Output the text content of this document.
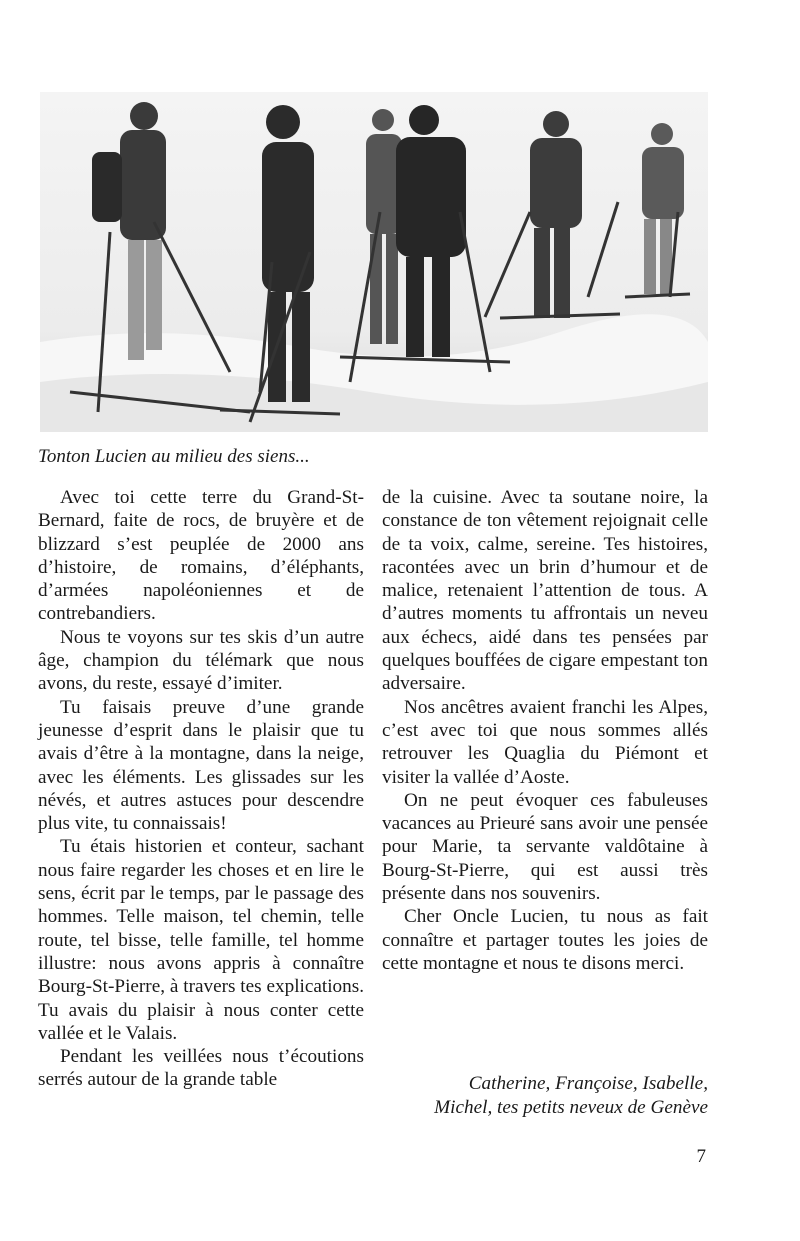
Tonton Lucien au milieu des siens...

Avec toi cette terre du Grand-St-Bernard, faite de rocs, de bruyère et de blizzard s’est peuplée de 2000 ans d’histoire, de romains, d’éléphants, d’armées napoléoniennes et de contrebandiers.

Nous te voyons sur tes skis d’un autre âge, champion du télémark que nous avons, du reste, essayé d’imiter.

Tu faisais preuve d’une grande jeunesse d’esprit dans le plaisir que tu avais d’être à la montagne, dans la neige, avec les éléments. Les glissades sur les névés, et autres astuces pour descendre plus vite, tu connaissais!

Tu étais historien et conteur, sachant nous faire regarder les choses et en lire le sens, écrit par le temps, par le passage des hommes. Telle maison, tel chemin, telle route, tel bisse, telle famille, tel homme illustre: nous avons appris à connaître Bourg-St-Pierre, à travers tes explications. Tu avais du plaisir à nous conter cette vallée et le Valais.

Pendant les veillées nous t’écoutions serrés autour de la grande table

de la cuisine. Avec ta soutane noire, la constance de ton vêtement rejoignait celle de ta voix, calme, sereine. Tes histoires, racontées avec un brin d’humour et de malice, retenaient l’attention de tous. A d’autres moments tu affrontais un neveu aux échecs, aidé dans tes pensées par quelques bouffées de cigare empestant ton adversaire.

Nos ancêtres avaient franchi les Alpes, c’est avec toi que nous sommes allés retrouver les Quaglia du Piémont et visiter la vallée d’Aoste.

On ne peut évoquer ces fabuleuses vacances au Prieuré sans avoir une pensée pour Marie, ta servante valdôtaine à Bourg-St-Pierre, qui est aussi très présente dans nos souvenirs.

Cher Oncle Lucien, tu nous as fait connaître et partager toutes les joies de cette montagne et nous te disons merci.

Catherine, Françoise, Isabelle,
Michel, tes petits neveux de Genève
7
